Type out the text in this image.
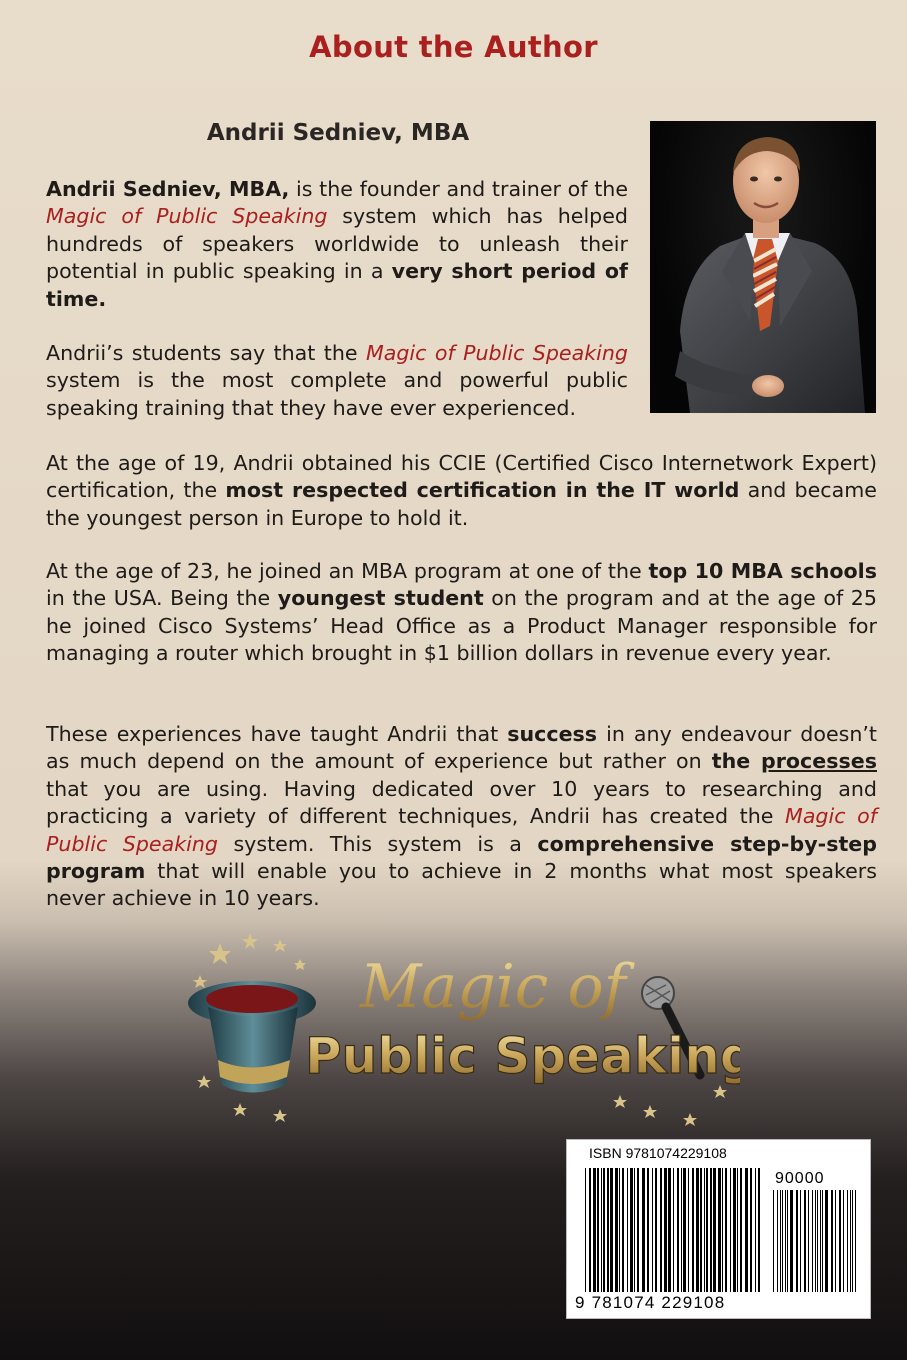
About the Author
Andrii Sedniev, MBA

Andrii Sedniev, MBA, is the founder and trainer of the Magic of Public Speaking system which has helped hundreds of speakers worldwide to unleash their potential in public speaking in a very short period of time.

Andrii’s students say that the Magic of Public Speaking system is the most complete and powerful public speaking training that they have ever experienced.

At the age of 19, Andrii obtained his CCIE (Certified Cisco Internetwork Expert) certification, the most respected certification in the IT world and became the youngest person in Europe to hold it.

At the age of 23, he joined an MBA program at one of the top 10 MBA schools in the USA. Being the youngest student on the program and at the age of 25 he joined Cisco Systems’ Head Office as a Product Manager responsible for managing a router which brought in $1 billion dollars in revenue every year.

These experiences have taught Andrii that success in any endeavour doesn’t as much depend on the amount of experience but rather on the processes that you are using. Having dedicated over 10 years to researching and practicing a variety of different techniques, Andrii has created the Magic of Public Speaking system. This system is a comprehensive step-by-step program that will enable you to achieve in 2 months what most speakers never achieve in 10 years.

Magic of
Public Speaking
ISBN 9781074229108
90000
9 781074 229108
